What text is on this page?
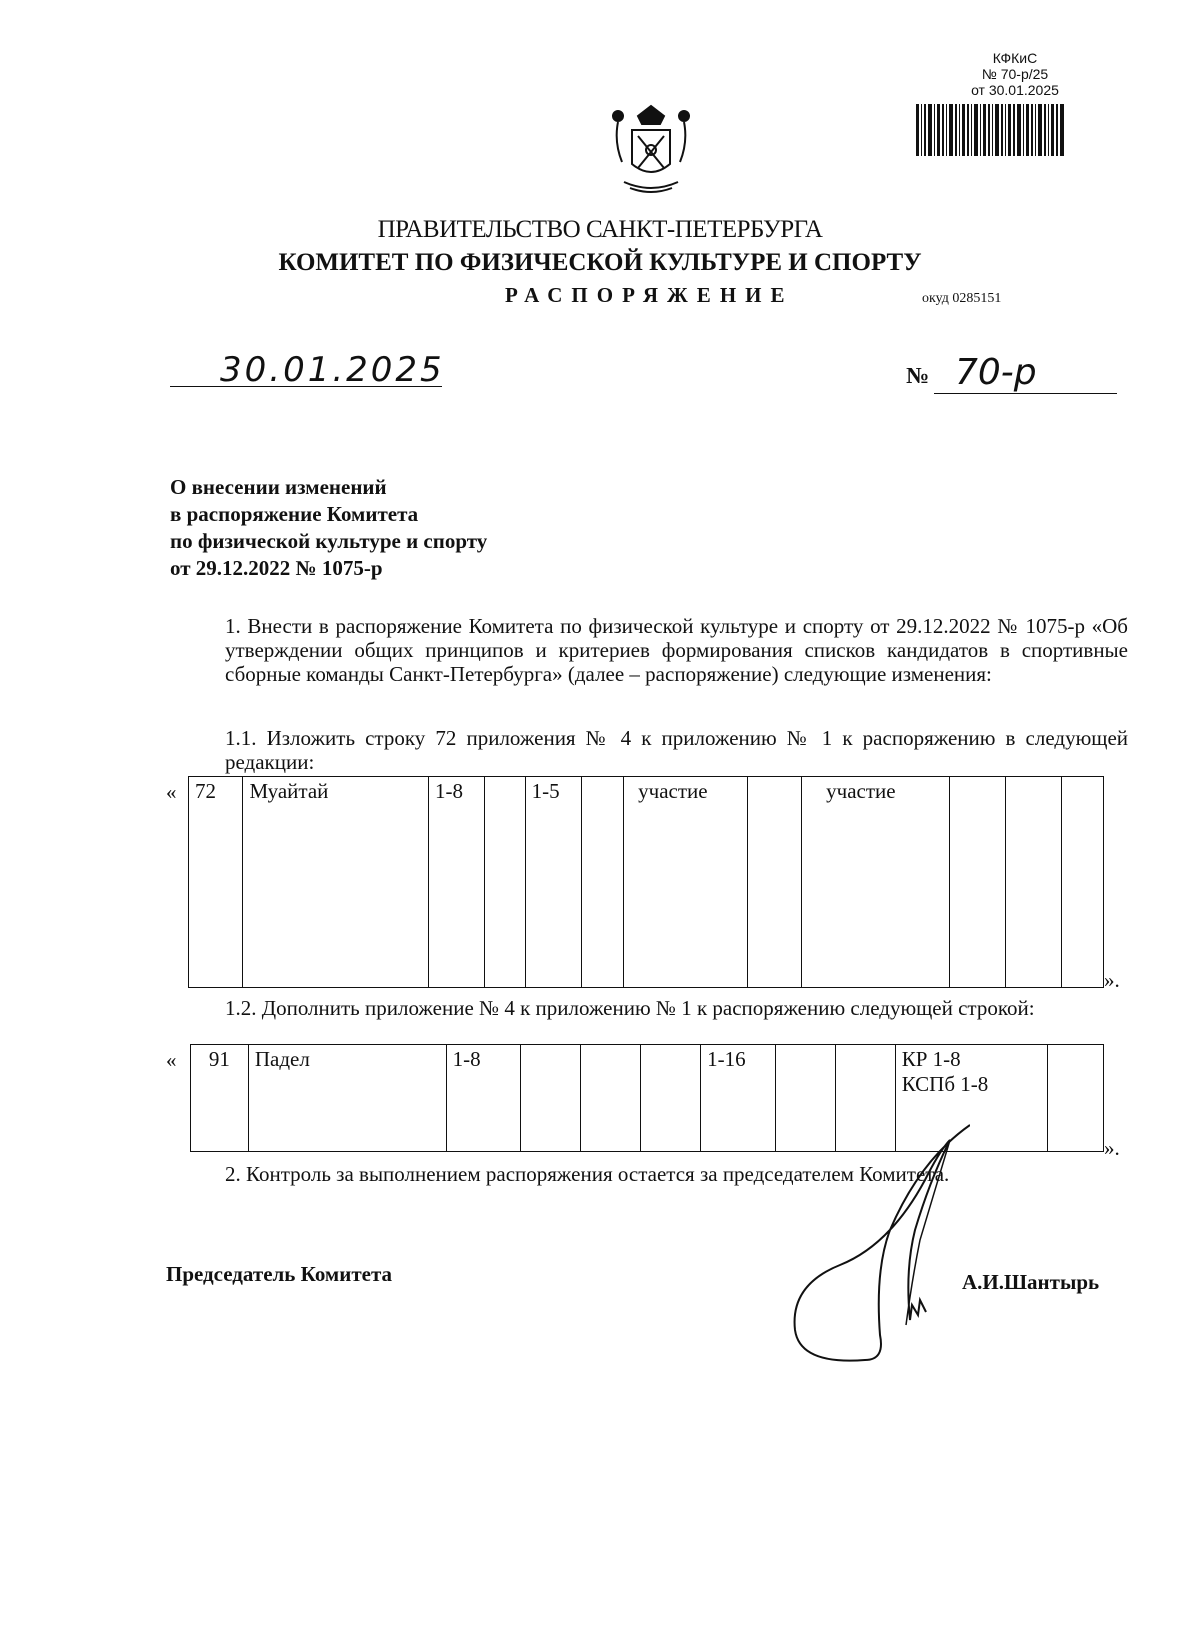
КФКиС
№ 70-р/25
от 30.01.2025
ПРАВИТЕЛЬСТВО САНКТ-ПЕТЕРБУРГА
КОМИТЕТ ПО ФИЗИЧЕСКОЙ КУЛЬТУРЕ И СПОРТУ
РАСПОРЯЖЕНИЕ	окуд 0285151
30.01.2025	№ 70-р
О внесении изменений
в распоряжение Комитета
по физической культуре и спорту
от 29.12.2022 № 1075-р
1. Внести в распоряжение Комитета по физической культуре и спорту от 29.12.2022 № 1075-р «Об утверждении общих принципов и критериев формирования списков кандидатов в спортивные сборные команды Санкт-Петербурга» (далее – распоряжение) следующие изменения:
1.1. Изложить строку 72 приложения № 4 к приложению № 1 к распоряжению в следующей редакции:
« 72	Муайтай	1-8		1-5		участие		участие			
».
1.2. Дополнить приложение № 4 к приложению № 1 к распоряжению следующей строкой:
« 91	Падел	1-8				1-16			КР 1-8
КСПб 1-8

».
2. Контроль за выполнением распоряжения остается за председателем Комитета.
Председатель Комитета	А.И.Шантырь
